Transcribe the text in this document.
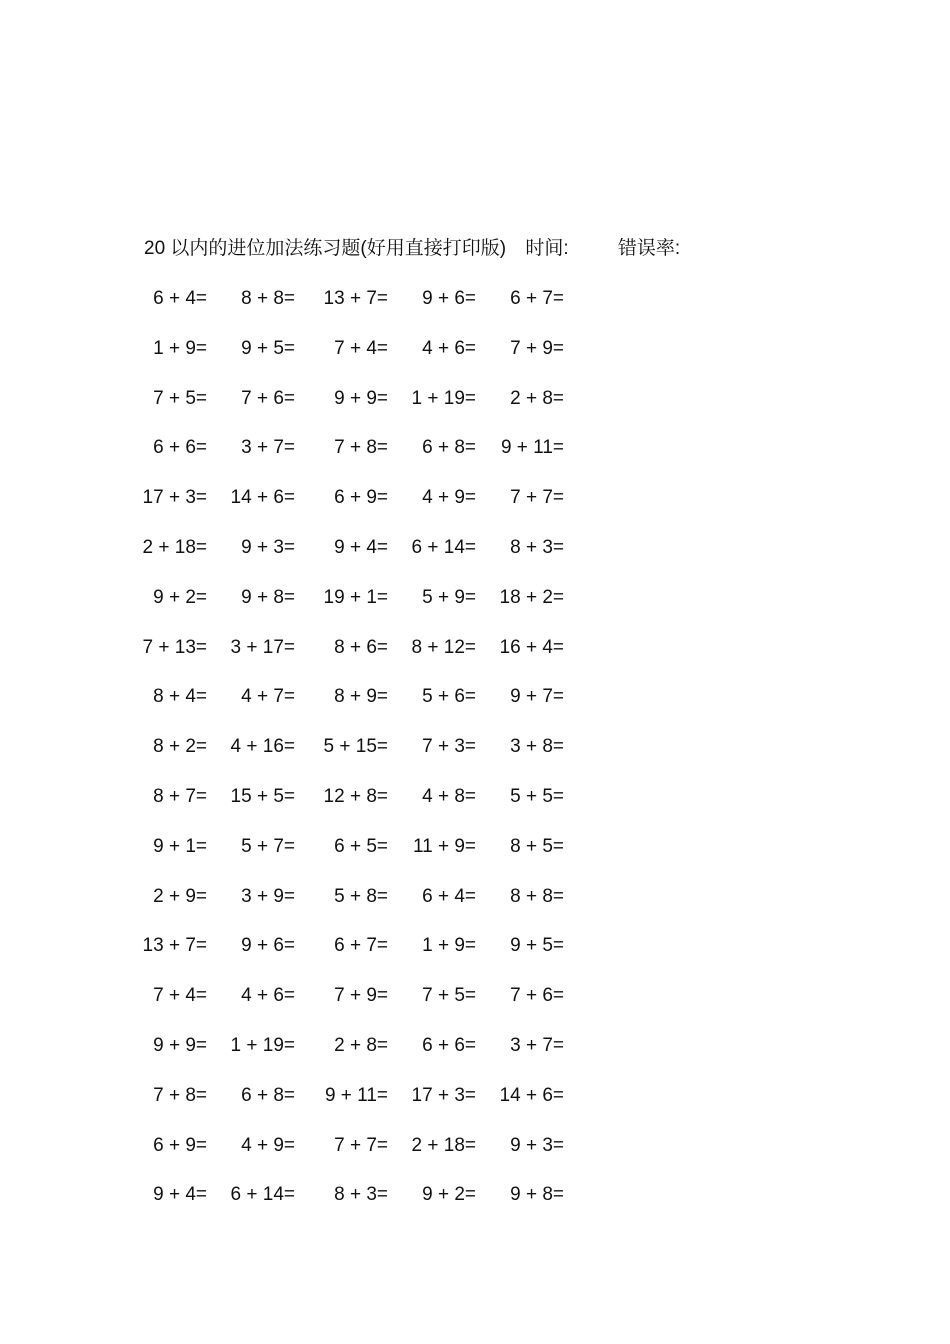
20 以内的进位加法练习题(好用直接打印版) 时间:	错误率:
6 + 4= 8 + 8= 13 + 7= 9 + 6= 6 + 7=
1 + 9= 9 + 5= 7 + 4= 4 + 6= 7 + 9=
7 + 5= 7 + 6= 9 + 9= 1 + 19= 2 + 8=
6 + 6= 3 + 7= 7 + 8= 6 + 8= 9 + 11=
17 + 3= 14 + 6= 6 + 9= 4 + 9= 7 + 7=
2 + 18= 9 + 3= 9 + 4= 6 + 14= 8 + 3=
9 + 2= 9 + 8= 19 + 1= 5 + 9= 18 + 2=
7 + 13= 3 + 17= 8 + 6= 8 + 12= 16 + 4=
8 + 4= 4 + 7= 8 + 9= 5 + 6= 9 + 7=
8 + 2= 4 + 16= 5 + 15= 7 + 3= 3 + 8=
8 + 7= 15 + 5= 12 + 8= 4 + 8= 5 + 5=
9 + 1= 5 + 7= 6 + 5= 11 + 9= 8 + 5=
2 + 9= 3 + 9= 5 + 8= 6 + 4= 8 + 8=
13 + 7= 9 + 6= 6 + 7= 1 + 9= 9 + 5=
7 + 4= 4 + 6= 7 + 9= 7 + 5= 7 + 6=
9 + 9= 1 + 19= 2 + 8= 6 + 6= 3 + 7=
7 + 8= 6 + 8= 9 + 11= 17 + 3= 14 + 6=
6 + 9= 4 + 9= 7 + 7= 2 + 18= 9 + 3=
9 + 4= 6 + 14= 8 + 3= 9 + 2= 9 + 8=
